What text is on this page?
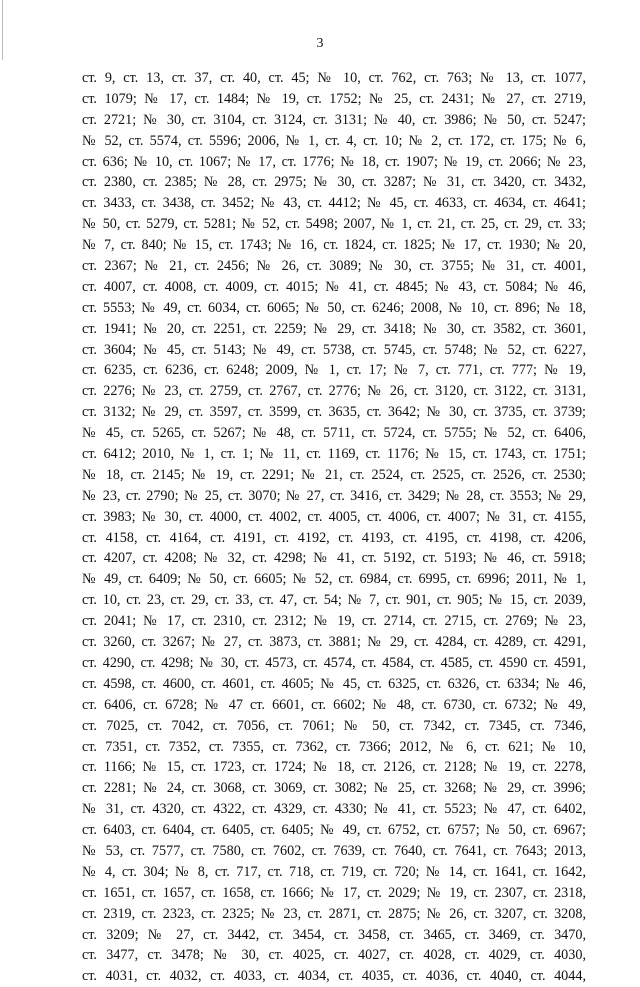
3
ст. 9, ст. 13, ст. 37, ст. 40, ст. 45; № 10, ст. 762, ст. 763; № 13, ст. 1077,
ст. 1079; № 17, ст. 1484; № 19, ст. 1752; № 25, ст. 2431; № 27, ст. 2719,
ст. 2721; № 30, ст. 3104, ст. 3124, ст. 3131; № 40, ст. 3986; № 50, ст. 5247;
№ 52, ст. 5574, ст. 5596; 2006, № 1, ст. 4, ст. 10; № 2, ст. 172, ст. 175; № 6,
ст. 636; № 10, ст. 1067; № 17, ст. 1776; № 18, ст. 1907; № 19, ст. 2066; № 23,
ст. 2380, ст. 2385; № 28, ст. 2975; № 30, ст. 3287; № 31, ст. 3420, ст. 3432,
ст. 3433, ст. 3438, ст. 3452; № 43, ст. 4412; № 45, ст. 4633, ст. 4634, ст. 4641;
№ 50, ст. 5279, ст. 5281; № 52, ст. 5498; 2007, № 1, ст. 21, ст. 25, ст. 29, ст. 33;
№ 7, ст. 840; № 15, ст. 1743; № 16, ст. 1824, ст. 1825; № 17, ст. 1930; № 20,
ст. 2367; № 21, ст. 2456; № 26, ст. 3089; № 30, ст. 3755; № 31, ст. 4001,
ст. 4007, ст. 4008, ст. 4009, ст. 4015; № 41, ст. 4845; № 43, ст. 5084; № 46,
ст. 5553; № 49, ст. 6034, ст. 6065; № 50, ст. 6246; 2008, № 10, ст. 896; № 18,
ст. 1941; № 20, ст. 2251, ст. 2259; № 29, ст. 3418; № 30, ст. 3582, ст. 3601,
ст. 3604; № 45, ст. 5143; № 49, ст. 5738, ст. 5745, ст. 5748; № 52, ст. 6227,
ст. 6235, ст. 6236, ст. 6248; 2009, № 1, ст. 17; № 7, ст. 771, ст. 777; № 19,
ст. 2276; № 23, ст. 2759, ст. 2767, ст. 2776; № 26, ст. 3120, ст. 3122, ст. 3131,
ст. 3132; № 29, ст. 3597, ст. 3599, ст. 3635, ст. 3642; № 30, ст. 3735, ст. 3739;
№ 45, ст. 5265, ст. 5267; № 48, ст. 5711, ст. 5724, ст. 5755; № 52, ст. 6406,
ст. 6412; 2010, № 1, ст. 1; № 11, ст. 1169, ст. 1176; № 15, ст. 1743, ст. 1751;
№ 18, ст. 2145; № 19, ст. 2291; № 21, ст. 2524, ст. 2525, ст. 2526, ст. 2530;
№ 23, ст. 2790; № 25, ст. 3070; № 27, ст. 3416, ст. 3429; № 28, ст. 3553; № 29,
ст. 3983; № 30, ст. 4000, ст. 4002, ст. 4005, ст. 4006, ст. 4007; № 31, ст. 4155,
ст. 4158, ст. 4164, ст. 4191, ст. 4192, ст. 4193, ст. 4195, ст. 4198, ст. 4206,
ст. 4207, ст. 4208; № 32, ст. 4298; № 41, ст. 5192, ст. 5193; № 46, ст. 5918;
№ 49, ст. 6409; № 50, ст. 6605; № 52, ст. 6984, ст. 6995, ст. 6996; 2011, № 1,
ст. 10, ст. 23, ст. 29, ст. 33, ст. 47, ст. 54; № 7, ст. 901, ст. 905; № 15, ст. 2039,
ст. 2041; № 17, ст. 2310, ст. 2312; № 19, ст. 2714, ст. 2715, ст. 2769; № 23,
ст. 3260, ст. 3267; № 27, ст. 3873, ст. 3881; № 29, ст. 4284, ст. 4289, ст. 4291,
ст. 4290, ст. 4298; № 30, ст. 4573, ст. 4574, ст. 4584, ст. 4585, ст. 4590 ст. 4591,
ст. 4598, ст. 4600, ст. 4601, ст. 4605; № 45, ст. 6325, ст. 6326, ст. 6334; № 46,
ст. 6406, ст. 6728; № 47 ст. 6601, ст. 6602; № 48, ст. 6730, ст. 6732; № 49,
ст. 7025, ст. 7042, ст. 7056, ст. 7061; № 50, ст. 7342, ст. 7345, ст. 7346,
ст. 7351, ст. 7352, ст. 7355, ст. 7362, ст. 7366; 2012, № 6, ст. 621; № 10,
ст. 1166; № 15, ст. 1723, ст. 1724; № 18, ст. 2126, ст. 2128; № 19, ст. 2278,
ст. 2281; № 24, ст. 3068, ст. 3069, ст. 3082; № 25, ст. 3268; № 29, ст. 3996;
№ 31, ст. 4320, ст. 4322, ст. 4329, ст. 4330; № 41, ст. 5523; № 47, ст. 6402,
ст. 6403, ст. 6404, ст. 6405, ст. 6405; № 49, ст. 6752, ст. 6757; № 50, ст. 6967;
№ 53, ст. 7577, ст. 7580, ст. 7602, ст. 7639, ст. 7640, ст. 7641, ст. 7643; 2013,
№ 4, ст. 304; № 8, ст. 717, ст. 718, ст. 719, ст. 720; № 14, ст. 1641, ст. 1642,
ст. 1651, ст. 1657, ст. 1658, ст. 1666; № 17, ст. 2029; № 19, ст. 2307, ст. 2318,
ст. 2319, ст. 2323, ст. 2325; № 23, ст. 2871, ст. 2875; № 26, ст. 3207, ст. 3208,
ст. 3209; № 27, ст. 3442, ст. 3454, ст. 3458, ст. 3465, ст. 3469, ст. 3470,
ст. 3477, ст. 3478; № 30, ст. 4025, ст. 4027, ст. 4028, ст. 4029, ст. 4030,
ст. 4031, ст. 4032, ст. 4033, ст. 4034, ст. 4035, ст. 4036, ст. 4040, ст. 4044,
